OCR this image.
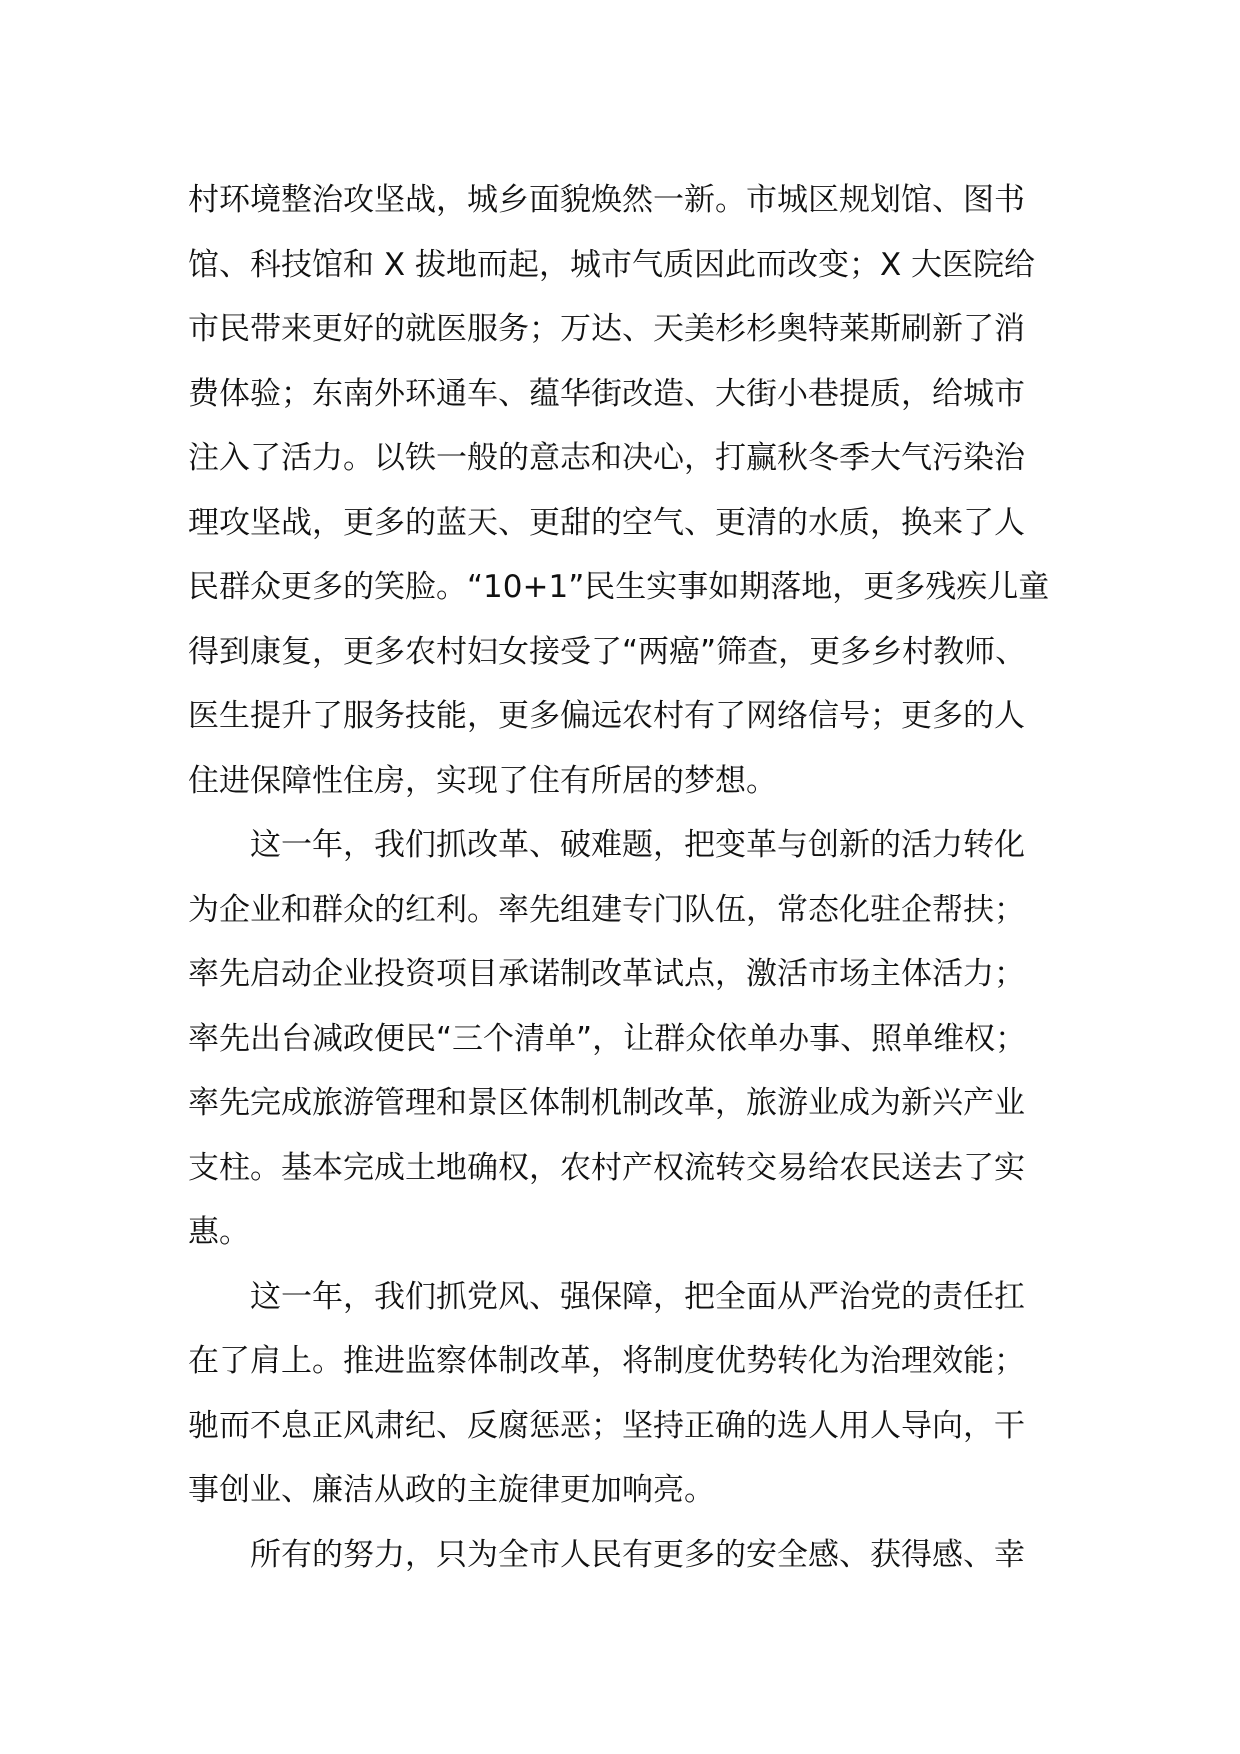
村环境整治攻坚战，城乡面貌焕然一新。市城区规划馆、图书
馆、科技馆和 X 拔地而起，城市气质因此而改变；X 大医院给
市民带来更好的就医服务；万达、天美杉杉奥特莱斯刷新了消
费体验；东南外环通车、蕴华街改造、大街小巷提质，给城市
注入了活力。以铁一般的意志和决心，打赢秋冬季大气污染治
理攻坚战，更多的蓝天、更甜的空气、更清的水质，换来了人
民群众更多的笑脸。“10+1”民生实事如期落地，更多残疾儿童
得到康复，更多农村妇女接受了“两癌”筛查，更多乡村教师、
医生提升了服务技能，更多偏远农村有了网络信号；更多的人
住进保障性住房，实现了住有所居的梦想。
这一年，我们抓改革、破难题，把变革与创新的活力转化
为企业和群众的红利。率先组建专门队伍，常态化驻企帮扶；
率先启动企业投资项目承诺制改革试点，激活市场主体活力；
率先出台减政便民“三个清单”，让群众依单办事、照单维权；
率先完成旅游管理和景区体制机制改革，旅游业成为新兴产业
支柱。基本完成土地确权，农村产权流转交易给农民送去了实
惠。
这一年，我们抓党风、强保障，把全面从严治党的责任扛
在了肩上。推进监察体制改革，将制度优势转化为治理效能；
驰而不息正风肃纪、反腐惩恶；坚持正确的选人用人导向，干
事创业、廉洁从政的主旋律更加响亮。
所有的努力，只为全市人民有更多的安全感、获得感、幸
